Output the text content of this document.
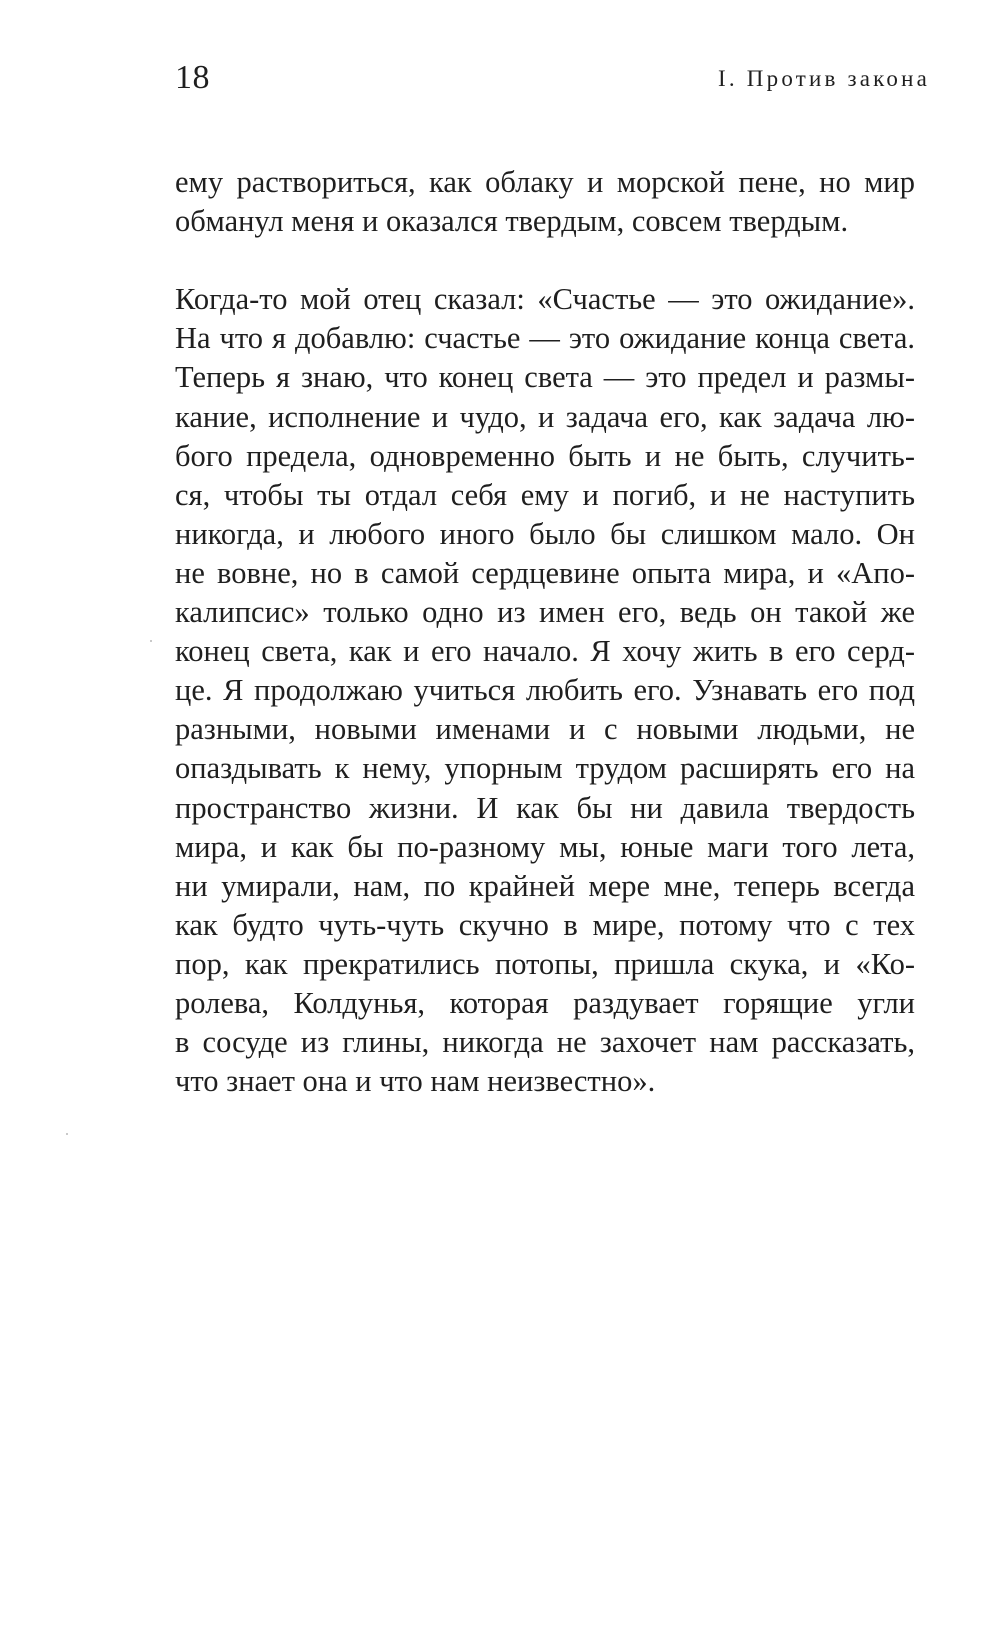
18	I. Против закона

ему раствориться, как облаку и морской пене, но мир
обманул меня и оказался твердым, совсем твердым.

Когда-то мой отец сказал: «Счастье — это ожидание».
На что я добавлю: счастье — это ожидание конца света.
Теперь я знаю, что конец света — это предел и размы-
кание, исполнение и чудо, и задача его, как задача лю-
бого предела, одновременно быть и не быть, случить-
ся, чтобы ты отдал себя ему и погиб, и не наступить
никогда, и любого иного было бы слишком мало. Он
не вовне, но в самой сердцевине опыта мира, и «Апо-
калипсис» только одно из имен его, ведь он такой же
конец света, как и его начало. Я хочу жить в его серд-
це. Я продолжаю учиться любить его. Узнавать его под
разными, новыми именами и с новыми людьми, не
опаздывать к нему, упорным трудом расширять его на
пространство жизни. И как бы ни давила твердость
мира, и как бы по-разному мы, юные маги того лета,
ни умирали, нам, по крайней мере мне, теперь всегда
как будто чуть-чуть скучно в мире, потому что с тех
пор, как прекратились потопы, пришла скука, и «Ко-
ролева, Колдунья, которая раздувает горящие угли
в сосуде из глины, никогда не захочет нам рассказать,
что знает она и что нам неизвестно».
